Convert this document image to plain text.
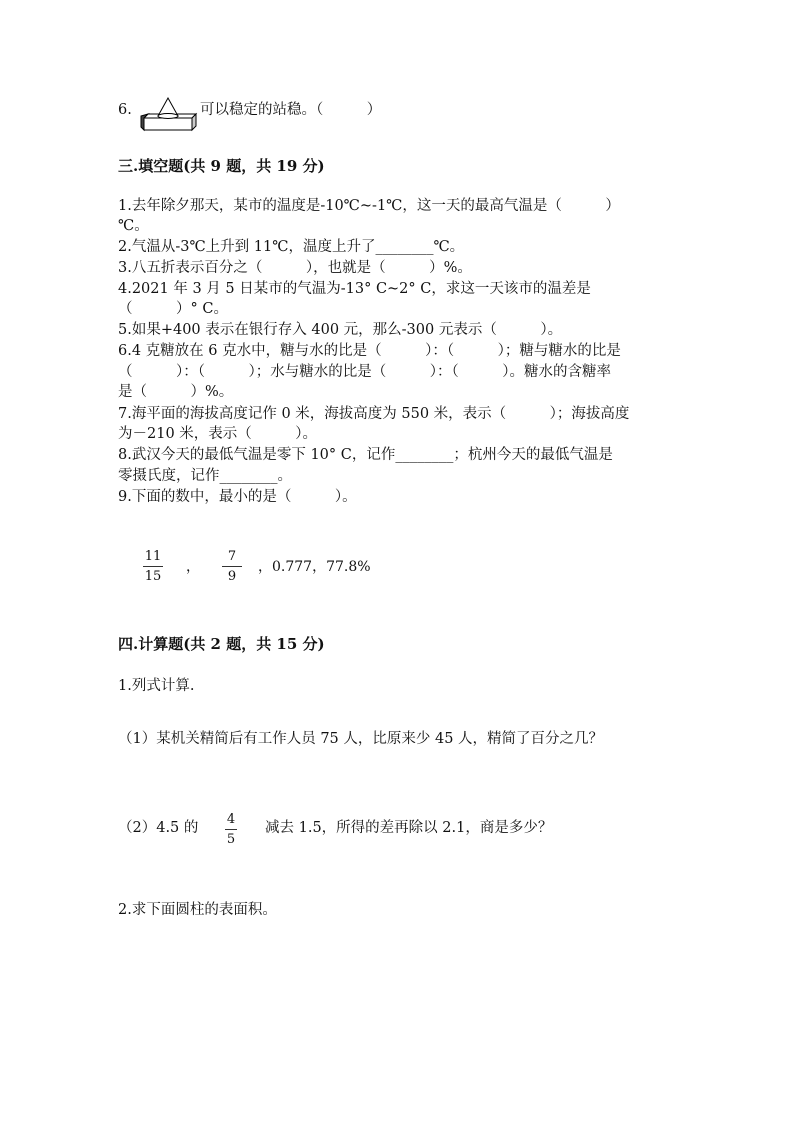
6.	可以稳定的站稳。（　　　）
三.填空题(共 9 题，共 19 分)
1.去年除夕那天，某市的温度是-10℃~-1℃，这一天的最高气温是（　　　）
℃。
2.气温从-3℃上升到 11℃，温度上升了________℃。
3.八五折表示百分之（　　　），也就是（　　　）%。
4.2021 年 3 月 5 日某市的气温为-13° C~2° C，求这一天该市的温差是
（　　　）° C。
5.如果+400 表示在银行存入 400 元，那么-300 元表示（　　　）。
6.4 克糖放在 6 克水中，糖与水的比是（　　　）：（　　　）；糖与糖水的比是
（　　　）：（　　　）；水与糖水的比是（　　　）：（　　　）。糖水的含糖率
是（　　　）%。
7.海平面的海拔高度记作 0 米，海拔高度为 550 米，表示（　　　）；海拔高度
为－210 米，表示（　　　）。
8.武汉今天的最低气温是零下 10° C，记作________；杭州今天的最低气温是
零摄氏度，记作________。
9.下面的数中，最小的是（　　　）。
11
15
，
7
9
，0.777，77.8%
四.计算题(共 2 题，共 15 分)
1.列式计算.
（1）某机关精简后有工作人员 75 人，比原来少 45 人，精简了百分之几？
（2）4.5 的
4
5
减去 1.5，所得的差再除以 2.1，商是多少？
2.求下面圆柱的表面积。
